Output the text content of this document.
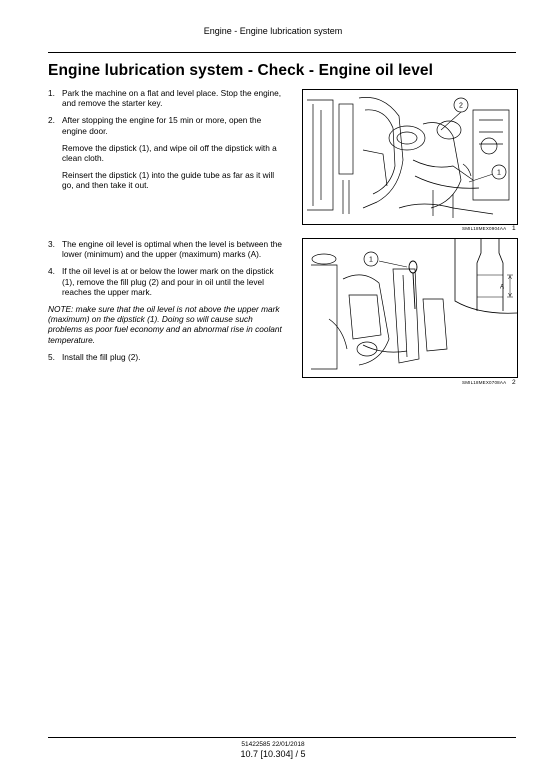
Engine - Engine lubrication system
Engine lubrication system - Check - Engine oil level
1. Park the machine on a flat and level place. Stop the engine, and remove the starter key.
2. After stopping the engine for 15 min or more, open the engine door.
Remove the dipstick (1), and wipe oil off the dipstick with a clean cloth.
Reinsert the dipstick (1) into the guide tube as far as it will go, and then take it out.
2
1
SMIL18MEX0904AA 1
3. The engine oil level is optimal when the level is between the lower (minimum) and the upper (maximum) marks (A).
4. If the oil level is at or below the lower mark on the dipstick (1), remove the fill plug (2) and pour in oil until the level reaches the upper mark.
NOTE: make sure that the oil level is not above the upper mark (maximum) on the dipstick (1). Doing so will cause such problems as poor fuel economy and an abnormal rise in coolant temperature.
5. Install the fill plug (2).
1
A
SMIL18MEX0708AA 2
51422585 22/01/2018
10.7 [10.304] / 5
